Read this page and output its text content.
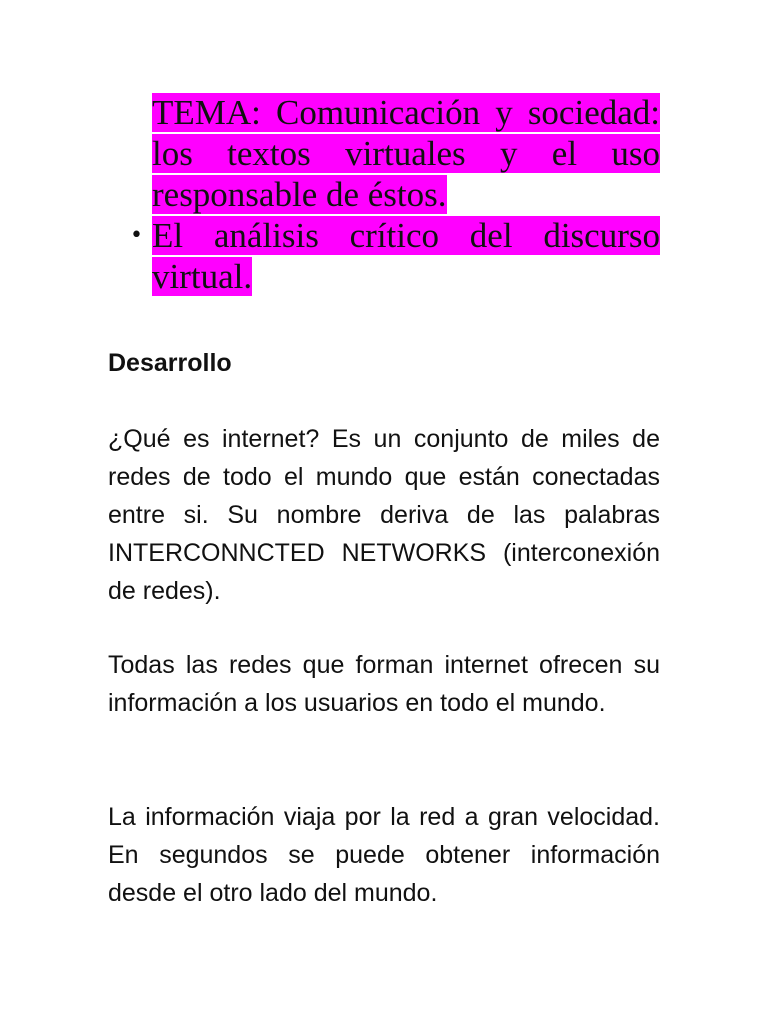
TEMA: Comunicación y sociedad: los textos virtuales y el uso responsable de éstos.
• El análisis crítico del discurso virtual.

Desarrollo

¿Qué es internet? Es un conjunto de miles de redes de todo el mundo que están conectadas entre si. Su nombre deriva de las palabras INTERCONNCTED NETWORKS (interconexión de redes).

Todas las redes que forman internet ofrecen su información a los usuarios en todo el mundo.

La información viaja por la red a gran velocidad. En segundos se puede obtener información desde el otro lado del mundo.
